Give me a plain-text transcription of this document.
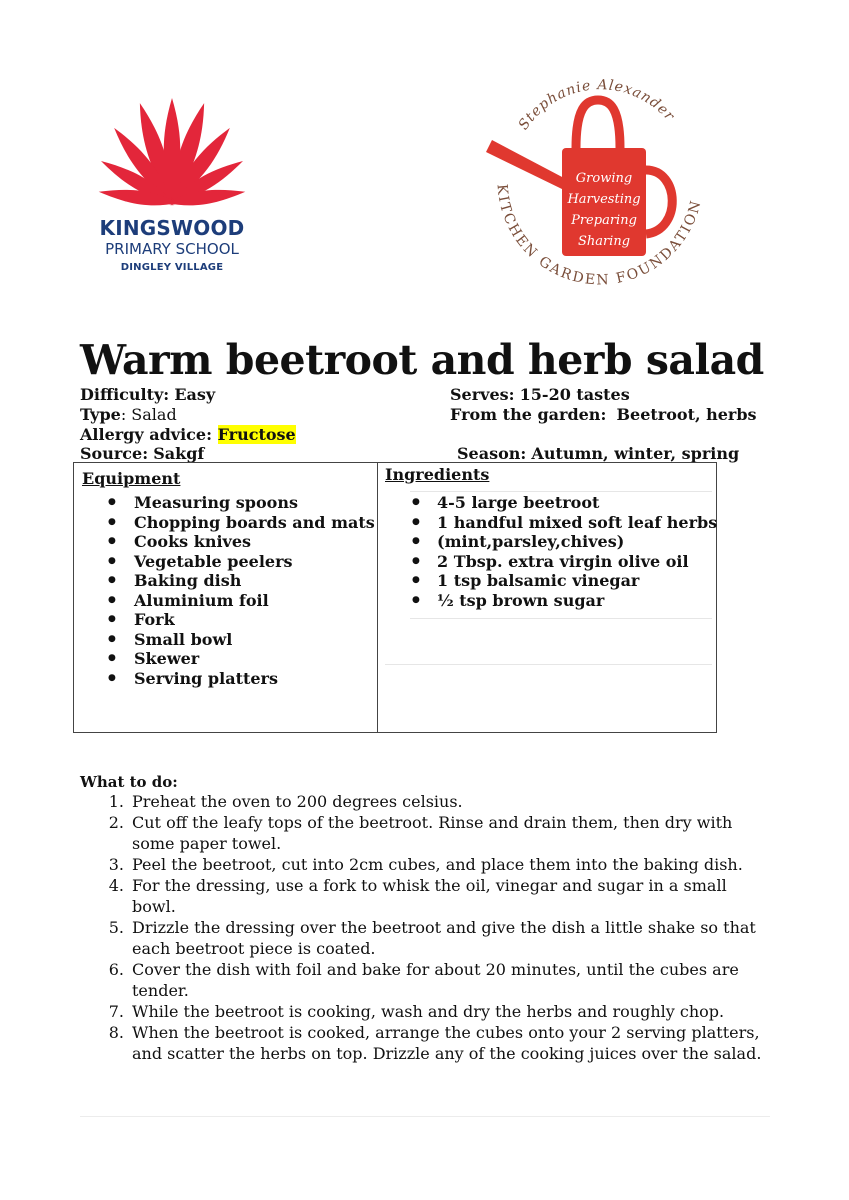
KINGSWOOD
PRIMARY SCHOOL
DINGLEY VILLAGE
Growing
Harvesting
Preparing
Sharing
Stephanie Alexander
KITCHEN GARDEN FOUNDATION
Warm beetroot and herb salad
Difficulty: Easy
Type: Salad
Allergy advice: Fructose
Source: Sakgf
Serves: 15-20 tastes
From the garden: Beetroot, herbs
Season: Autumn, winter, spring
Equipment	Ingredients
● Measuring spoons
● Chopping boards and mats
● Cooks knives
● Vegetable peelers
● Baking dish
● Aluminium foil
● Fork
● Small bowl
● Skewer
● Serving platters
● 4-5 large beetroot
● 1 handful mixed soft leaf herbs
● (mint,parsley,chives)
● 2 Tbsp. extra virgin olive oil
● 1 tsp balsamic vinegar
● ½ tsp brown sugar
What to do:
1. Preheat the oven to 200 degrees celsius.
2. Cut off the leafy tops of the beetroot. Rinse and drain them, then dry with some paper towel.
3. Peel the beetroot, cut into 2cm cubes, and place them into the baking dish.
4. For the dressing, use a fork to whisk the oil, vinegar and sugar in a small bowl.
5. Drizzle the dressing over the beetroot and give the dish a little shake so that each beetroot piece is coated.
6. Cover the dish with foil and bake for about 20 minutes, until the cubes are tender.
7. While the beetroot is cooking, wash and dry the herbs and roughly chop.
8. When the beetroot is cooked, arrange the cubes onto your 2 serving platters, and scatter the herbs on top. Drizzle any of the cooking juices over the salad.
